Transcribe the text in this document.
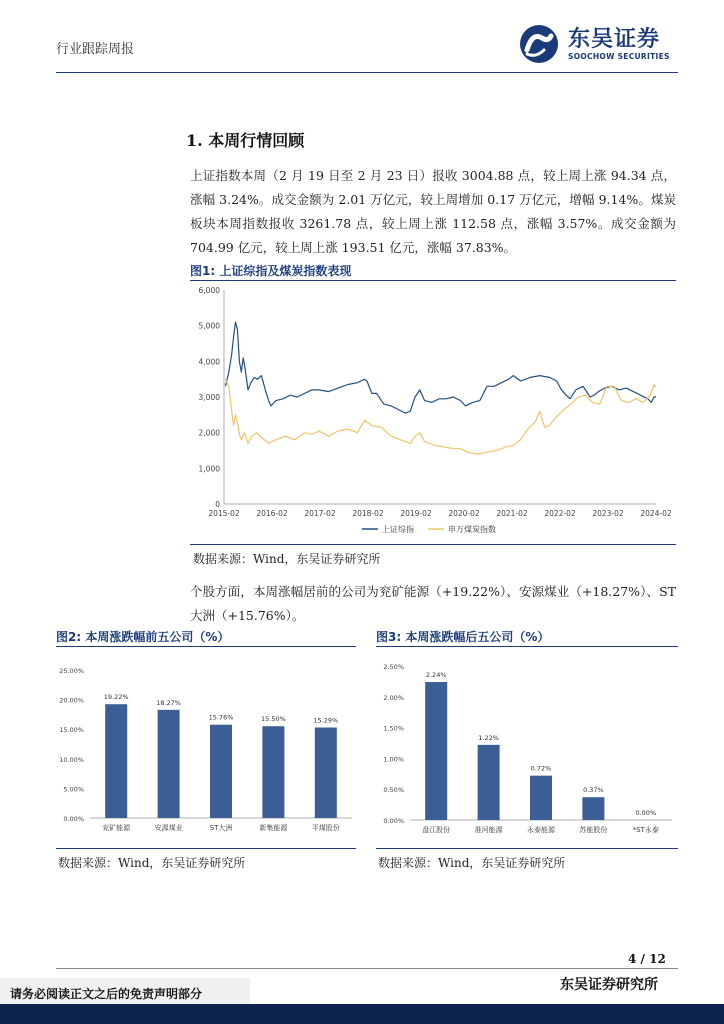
行业跟踪周报	东吴证券
SOOCHOW SECURITIES
1. 本周行情回顾
上证指数本周（2 月 19 日至 2 月 23 日）报收 3004.88 点，较上周上涨 94.34 点，涨幅 3.24%。成交金额为 2.01 万亿元，较上周增加 0.17 万亿元，增幅 9.14%。煤炭板块本周指数报收 3261.78 点，较上周上涨 112.58 点，涨幅 3.57%。成交金额为 704.99 亿元，较上周上涨 193.51 亿元，涨幅 37.83%。
图1: 上证综指及煤炭指数表现
0
1,000
2,000
3,000
4,000
5,000
6,000
2015-02 2016-02 2017-02 2018-02 2019-02 2020-02 2021-02 2022-02 2023-02 2024-02
上证综指	申万煤炭指数
数据来源：Wind，东吴证券研究所
个股方面，本周涨幅居前的公司为兖矿能源（+19.22%）、安源煤业（+18.27%）、ST 大洲（+15.76%）。
图2: 本周涨跌幅前五公司（%）
0.00%
5.00%
10.00%
15.00%
20.00%
25.00%
19.22%
兖矿能源
18.27%
安源煤业
15.76%
ST大洲
15.50%
新集能源
15.29%
平煤股份
数据来源：Wind，东吴证券研究所
图3: 本周涨跌幅后五公司（%）
0.00%
0.50%
1.00%
1.50%
2.00%
2.50%
2.24%
盘江股份
1.22%
淮河能源
0.72%
永泰能源
0.37%
苏能股份
0.00%
*ST永泰
数据来源：Wind，东吴证券研究所
4 / 12
东吴证券研究所
请务必阅读正文之后的免责声明部分
